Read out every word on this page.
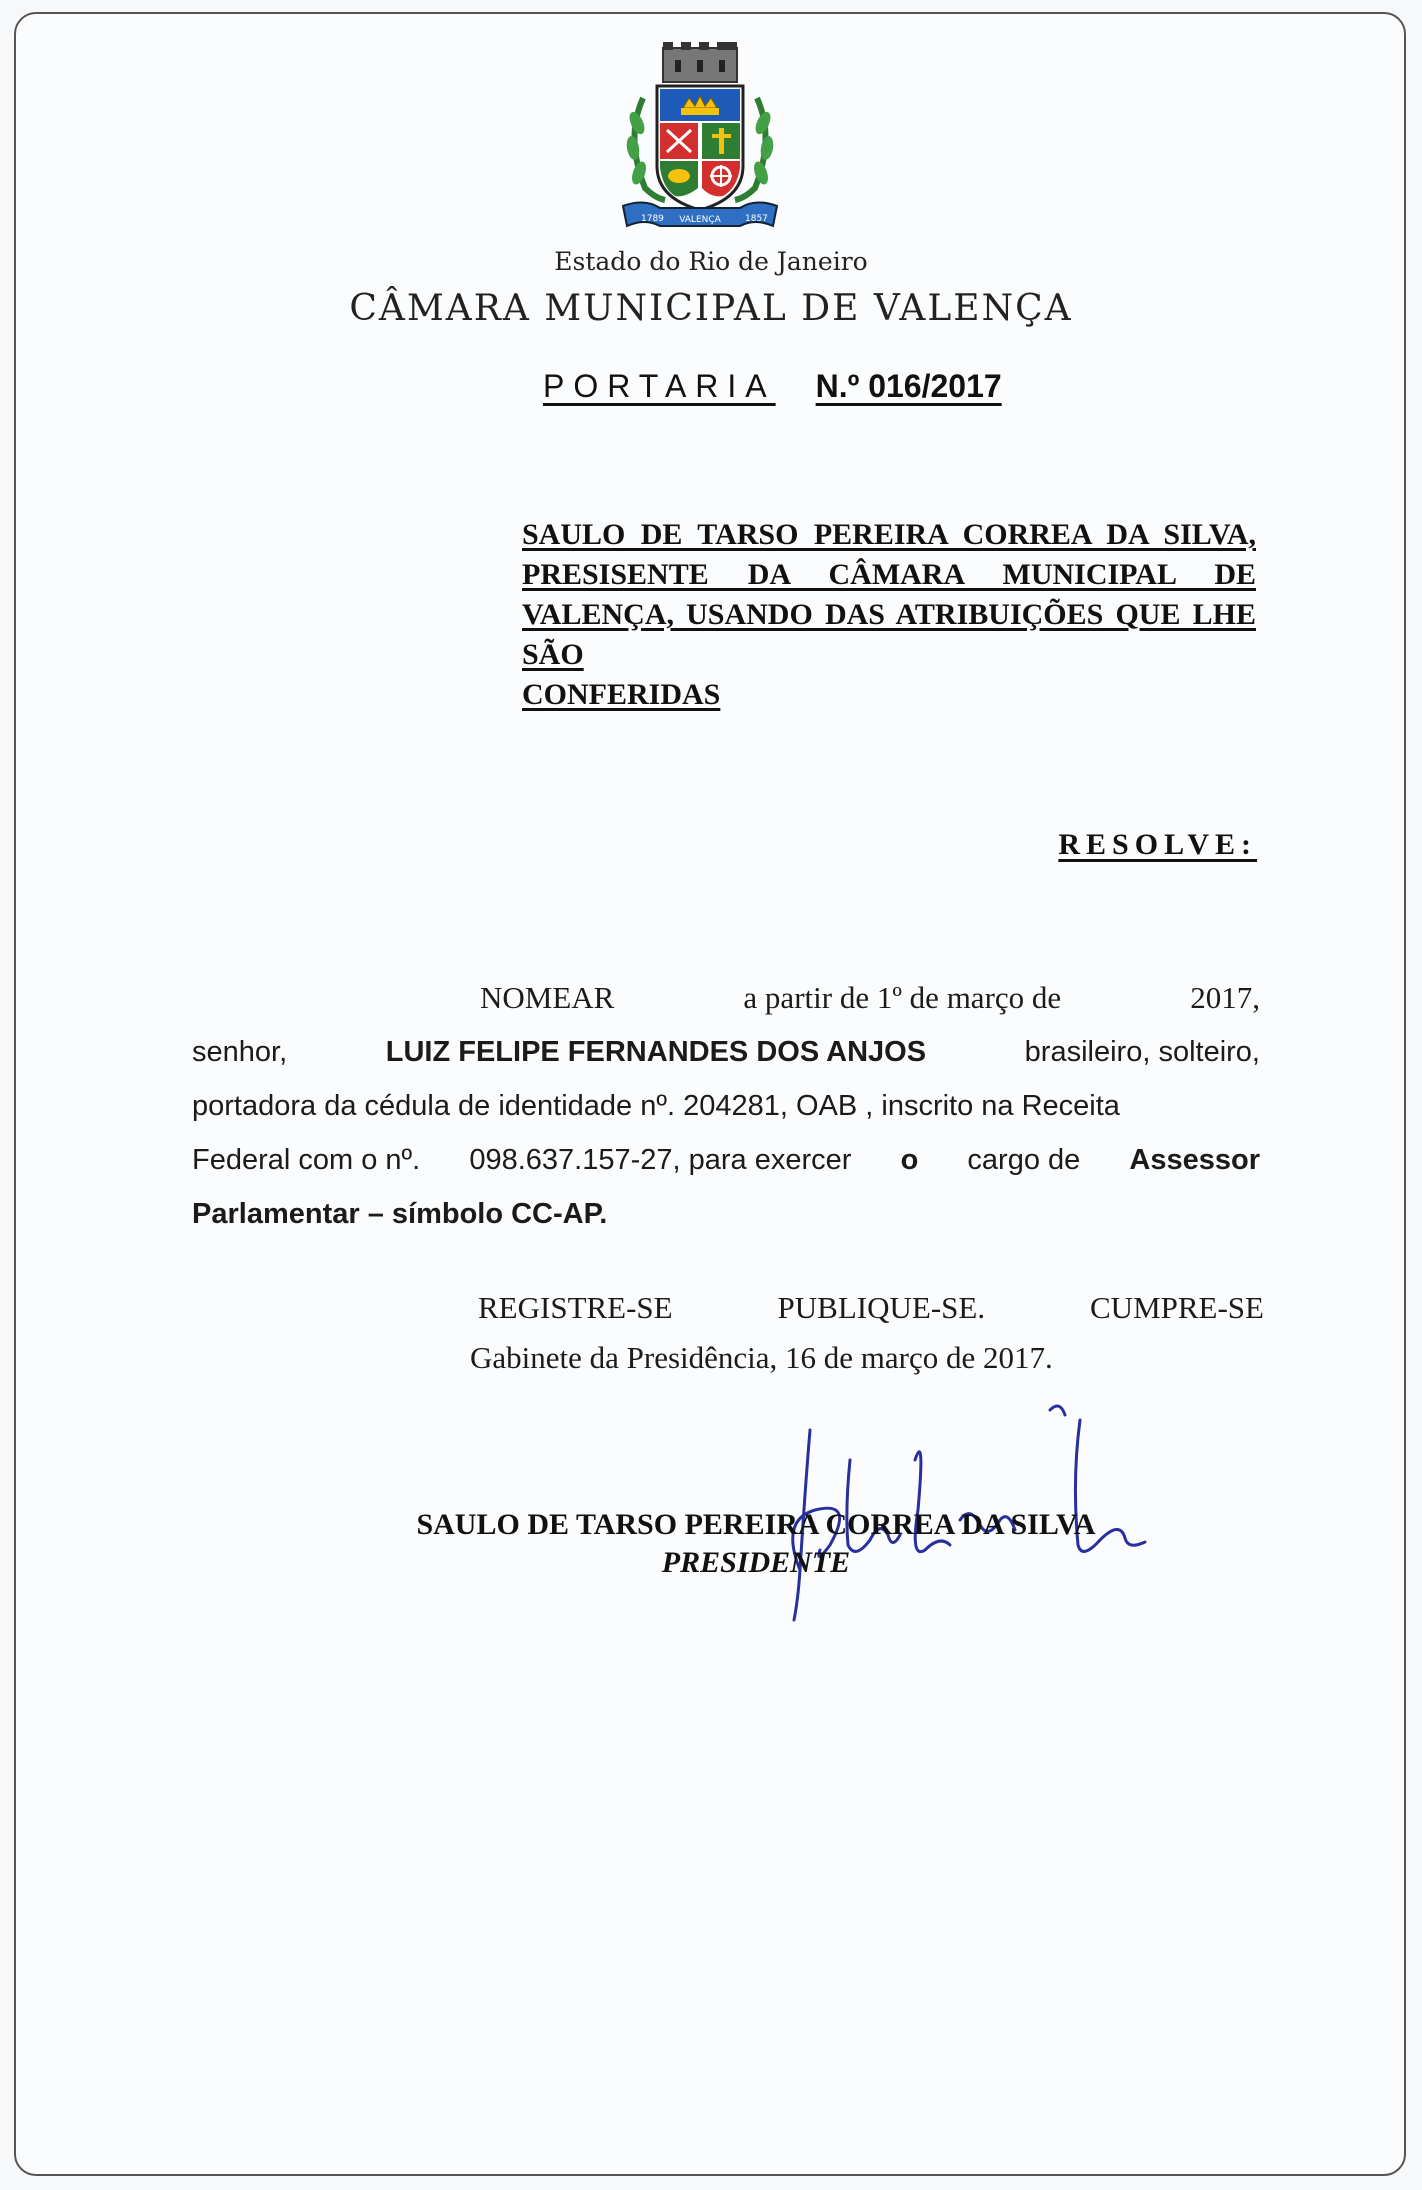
1789 VALENÇA	1857
Estado do Rio de Janeiro
CÂMARA MUNICIPAL DE VALENÇA
PORTARIA N.º 016/2017
SAULO DE TARSO PEREIRA CORREA DA SILVA, PRESISENTE DA CÂMARA MUNICIPAL DE VALENÇA, USANDO DAS ATRIBUIÇÕES QUE LHE SÃO
CONFERIDAS
RESOLVE:
NOMEAR	a partir de 1º de março de	2017,
senhor,	LUIZ FELIPE FERNANDES DOS ANJOS	brasileiro, solteiro,
portadora da cédula de identidade nº. 204281, OAB , inscrito na Receita
Federal com o nº. 098.637.157-27, para exercer o cargo de Assessor
Parlamentar – símbolo CC-AP.
REGISTRE-SE	PUBLIQUE-SE.	CUMPRE-SE
Gabinete da Presidência, 16 de março de 2017.
SAULO DE TARSO PEREIRA CORREA DA SILVA
PRESIDENTE
